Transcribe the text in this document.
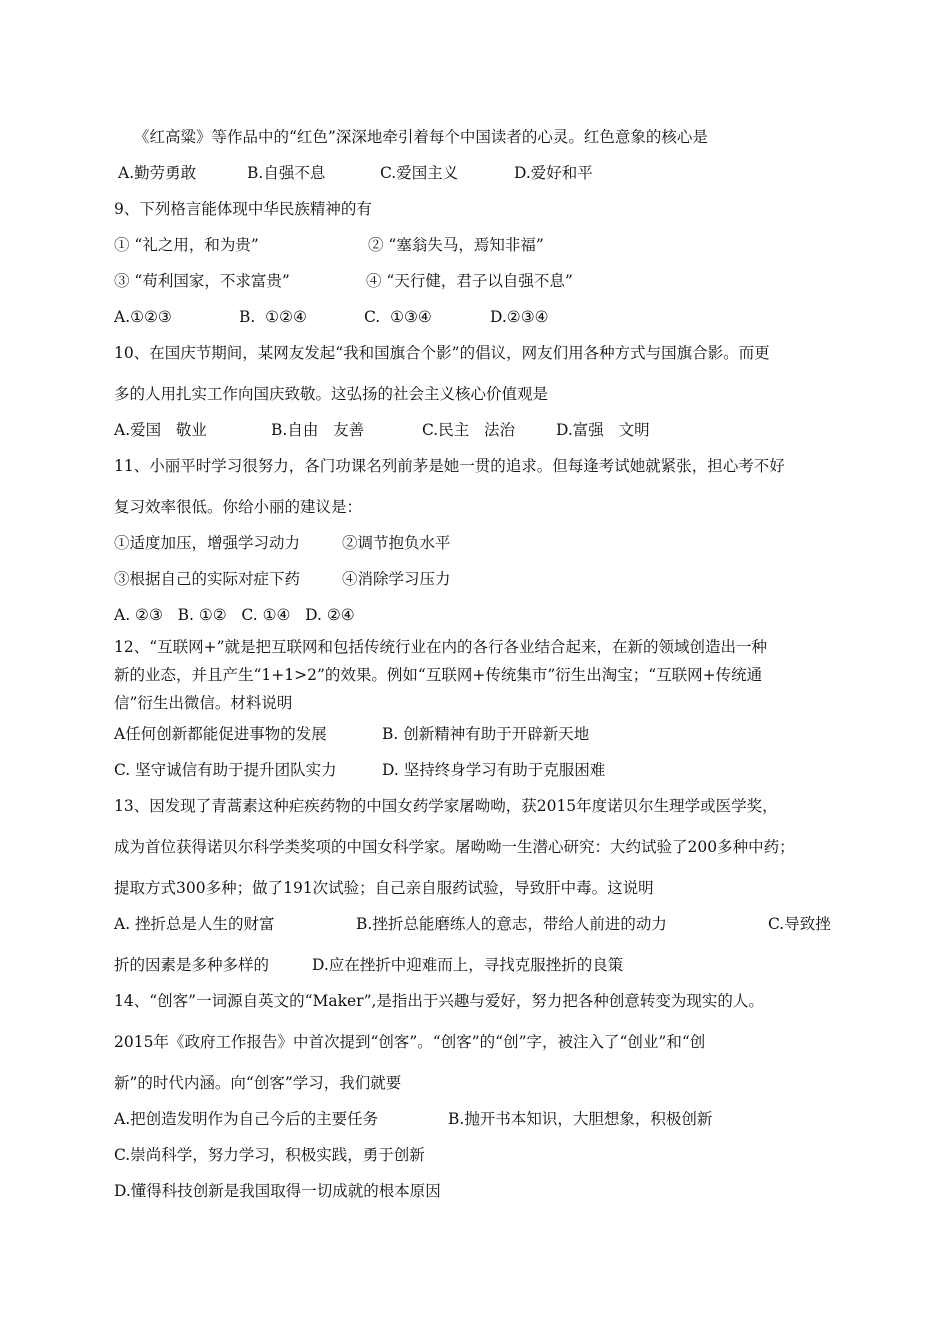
《红高粱》等作品中的“红色”深深地牵引着每个中国读者的心灵。红色意象的核心是

A.勤劳勇敢

	B.自强不息

	C.爱国主义

	D.爱好和平

9、下列格言能体现中华民族精神的有

① “礼之用，和为贵”

	② “塞翁失马，焉知非福”

③ “苟利国家，不求富贵”

	④ “天行健，君子以自强不息”

A.①②③

	B.  ①②④

	C.  ①③④

	D.②③④

10、在国庆节期间，某网友发起“我和国旗合个影”的倡议，网友们用各种方式与国旗合影。而更
多的人用扎实工作向国庆致敬。这弘扬的社会主义核心价值观是

A.爱国   敬业

	B.自由   友善

	C.民主   法治

	D.富强   文明

11、小丽平时学习很努力，各门功课名列前茅是她一贯的追求。但每逢考试她就紧张，担心考不好
复习效率很低。你给小丽的建议是：

①适度加压，增强学习动力

	②调节抱负水平

③根据自己的实际对症下药

	④消除学习压力

A. ②③   B. ①②   C. ①④   D. ②④
12、“互联网+”就是把互联网和包括传统行业在内的各行各业结合起来，在新的领域创造出一种
新的业态，并且产生“1+1>2”的效果。例如“互联网+传统集市”衍生出淘宝；“互联网+传统通
信”衍生出微信。材料说明

A任何创新都能促进事物的发展

	B. 创新精神有助于开辟新天地

C. 坚守诚信有助于提升团队实力

	D. 坚持终身学习有助于克服困难

13、因发现了青蒿素这种疟疾药物的中国女药学家屠呦呦，获2015年度诺贝尔生理学或医学奖，
成为首位获得诺贝尔科学类奖项的中国女科学家。屠呦呦一生潜心研究：大约试验了200多种中药；
提取方式300多种；做了191次试验；自己亲自服药试验，导致肝中毒。这说明

A. 挫折总是人生的财富

	B.挫折总能磨练人的意志，带给人前进的动力

	C.导致挫

折的因素是多种多样的

	D.应在挫折中迎难而上，寻找克服挫折的良策

14、“创客”一词源自英文的“Maker”,是指出于兴趣与爱好，努力把各种创意转变为现实的人。
2015年《政府工作报告》中首次提到“创客”。“创客”的“创”字，被注入了“创业”和“创
新”的时代内涵。向“创客”学习，我们就要

A.把创造发明作为自己今后的主要任务

	B.抛开书本知识，大胆想象，积极创新

C.崇尚科学，努力学习，积极实践，勇于创新
D.懂得科技创新是我国取得一切成就的根本原因
